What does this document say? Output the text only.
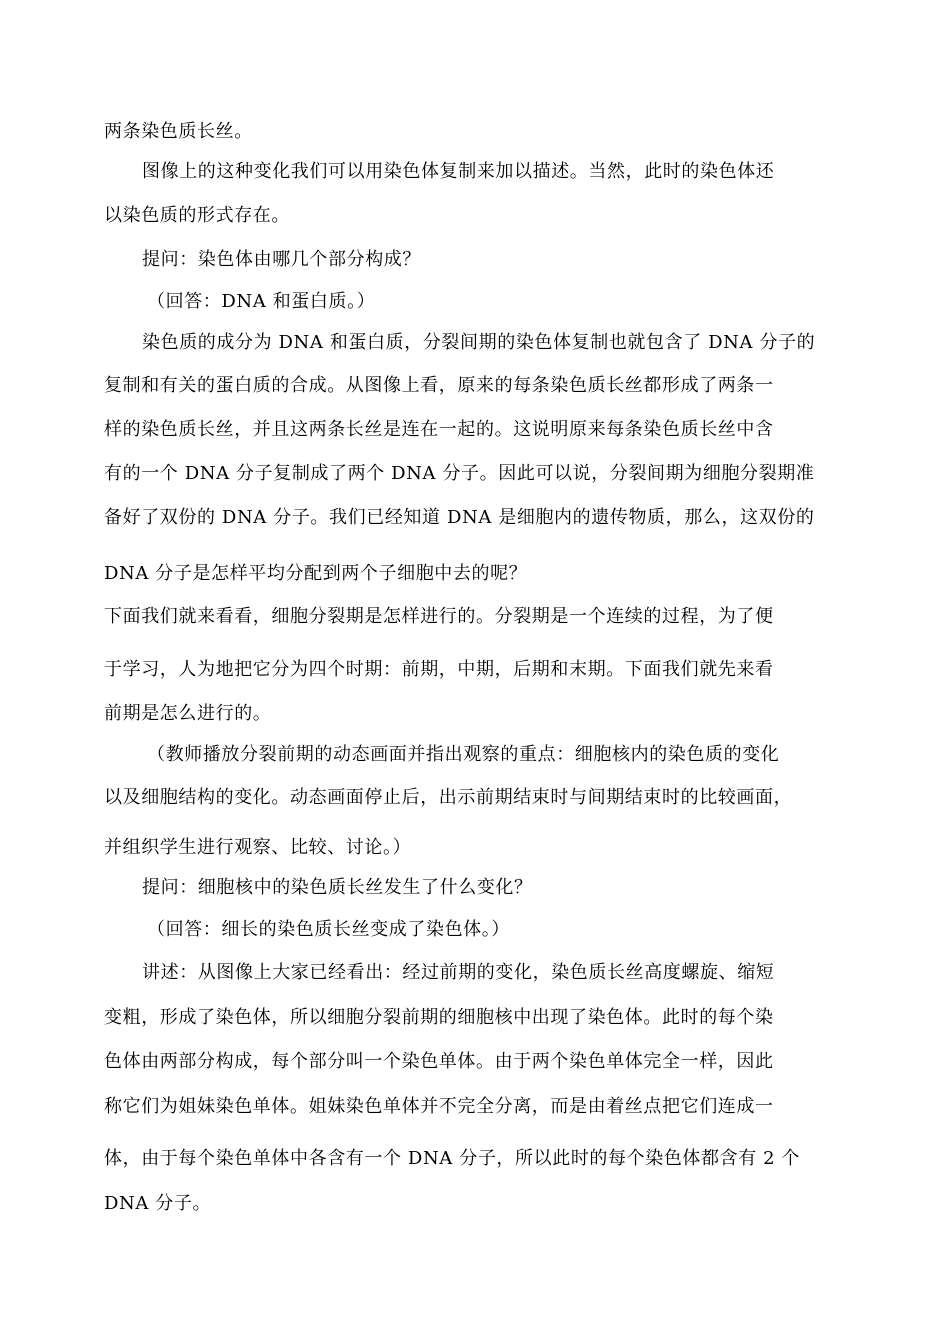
两条染色质长丝。
图像上的这种变化我们可以用染色体复制来加以描述。当然，此时的染色体还
以染色质的形式存在。
提问：染色体由哪几个部分构成？
（回答：DNA 和蛋白质。）
染色质的成分为 DNA 和蛋白质，分裂间期的染色体复制也就包含了 DNA 分子的
复制和有关的蛋白质的合成。从图像上看，原来的每条染色质长丝都形成了两条一
样的染色质长丝，并且这两条长丝是连在一起的。这说明原来每条染色质长丝中含
有的一个 DNA 分子复制成了两个 DNA 分子。因此可以说，分裂间期为细胞分裂期准
备好了双份的 DNA 分子。我们已经知道 DNA 是细胞内的遗传物质，那么，这双份的
DNA 分子是怎样平均分配到两个子细胞中去的呢？
下面我们就来看看，细胞分裂期是怎样进行的。分裂期是一个连续的过程，为了便
于学习，人为地把它分为四个时期：前期，中期，后期和末期。下面我们就先来看
前期是怎么进行的。
（教师播放分裂前期的动态画面并指出观察的重点：细胞核内的染色质的变化
以及细胞结构的变化。动态画面停止后，出示前期结束时与间期结束时的比较画面，
并组织学生进行观察、比较、讨论。）
提问：细胞核中的染色质长丝发生了什么变化？
（回答：细长的染色质长丝变成了染色体。）
讲述：从图像上大家已经看出：经过前期的变化，染色质长丝高度螺旋、缩短
变粗，形成了染色体，所以细胞分裂前期的细胞核中出现了染色体。此时的每个染
色体由两部分构成，每个部分叫一个染色单体。由于两个染色单体完全一样，因此
称它们为姐妹染色单体。姐妹染色单体并不完全分离，而是由着丝点把它们连成一
体，由于每个染色单体中各含有一个 DNA 分子，所以此时的每个染色体都含有 2 个
DNA 分子。
